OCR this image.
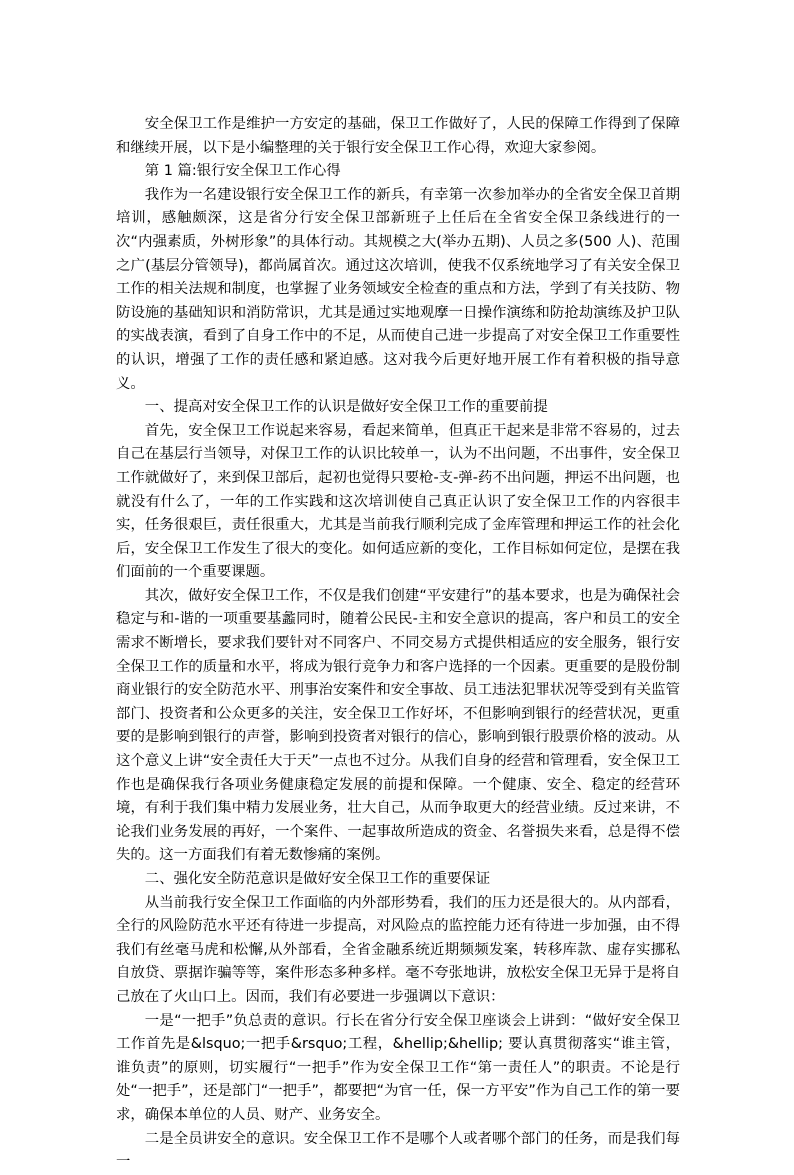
安全保卫工作是维护一方安定的基础，保卫工作做好了，人民的保障工作得到了保障和继续开展，以下是小编整理的关于银行安全保卫工作心得，欢迎大家参阅。

第 1 篇:银行安全保卫工作心得

我作为一名建设银行安全保卫工作的新兵，有幸第一次参加举办的全省安全保卫首期培训，感触颇深，这是省分行安全保卫部新班子上任后在全省安全保卫条线进行的一次“内强素质，外树形象”的具体行动。其规模之大(举办五期)、人员之多(500 人)、范围之广(基层分管领导)，都尚属首次。通过这次培训，使我不仅系统地学习了有关安全保卫工作的相关法规和制度，也掌握了业务领域安全检查的重点和方法，学到了有关技防、物防设施的基础知识和消防常识，尤其是通过实地观摩一日操作演练和防抢劫演练及护卫队的实战表演，看到了自身工作中的不足，从而使自己进一步提高了对安全保卫工作重要性的认识，增强了工作的责任感和紧迫感。这对我今后更好地开展工作有着积极的指导意义。

一、提高对安全保卫工作的认识是做好安全保卫工作的重要前提

首先，安全保卫工作说起来容易，看起来简单，但真正干起来是非常不容易的，过去自己在基层行当领导，对保卫工作的认识比较单一，认为不出问题，不出事件，安全保卫工作就做好了，来到保卫部后，起初也觉得只要枪-支-弹-药不出问题，押运不出问题，也就没有什么了，一年的工作实践和这次培训使自己真正认识了安全保卫工作的内容很丰实，任务很艰巨，责任很重大，尤其是当前我行顺利完成了金库管理和押运工作的社会化后，安全保卫工作发生了很大的变化。如何适应新的变化，工作目标如何定位，是摆在我们面前的一个重要课题。

其次，做好安全保卫工作，不仅是我们创建“平安建行”的基本要求，也是为确保社会稳定与和-谐的一项重要基蠡同时，随着公民民-主和安全意识的提高，客户和员工的安全需求不断增长，要求我们要针对不同客户、不同交易方式提供相适应的安全服务，银行安全保卫工作的质量和水平，将成为银行竞争力和客户选择的一个因素。更重要的是股份制商业银行的安全防范水平、刑事治安案件和安全事故、员工违法犯罪状况等受到有关监管部门、投资者和公众更多的关注，安全保卫工作好坏，不但影响到银行的经营状况，更重要的是影响到银行的声誉，影响到投资者对银行的信心，影响到银行股票价格的波动。从这个意义上讲“安全责任大于天”一点也不过分。从我们自身的经营和管理看，安全保卫工作也是确保我行各项业务健康稳定发展的前提和保障。一个健康、安全、稳定的经营环境，有利于我们集中精力发展业务，壮大自己，从而争取更大的经营业绩。反过来讲，不论我们业务发展的再好，一个案件、一起事故所造成的资金、名誉损失来看，总是得不偿失的。这一方面我们有着无数惨痛的案例。

二、强化安全防范意识是做好安全保卫工作的重要保证

从当前我行安全保卫工作面临的内外部形势看，我们的压力还是很大的。从内部看，全行的风险防范水平还有待进一步提高，对风险点的监控能力还有待进一步加强，由不得我们有丝毫马虎和松懈,从外部看，全省金融系统近期频频发案，转移库款、虚存实挪私自放贷、票据诈骗等等，案件形态多种多样。毫不夸张地讲，放松安全保卫无异于是将自己放在了火山口上。因而，我们有必要进一步强调以下意识：

一是“一把手”负总责的意识。行长在省分行安全保卫座谈会上讲到：“做好安全保卫工作首先是&lsquo;一把手&rsquo;工程，&hellip;&hellip; 要认真贯彻落实“谁主管，谁负责”的原则，切实履行“一把手”作为安全保卫工作“第一责任人”的职责。不论是行处“一把手”，还是部门“一把手”，都要把“为官一任，保一方平安”作为自己工作的第一要求，确保本单位的人员、财产、业务安全。

二是全员讲安全的意识。安全保卫工作不是哪个人或者哪个部门的任务，而是我们每一
